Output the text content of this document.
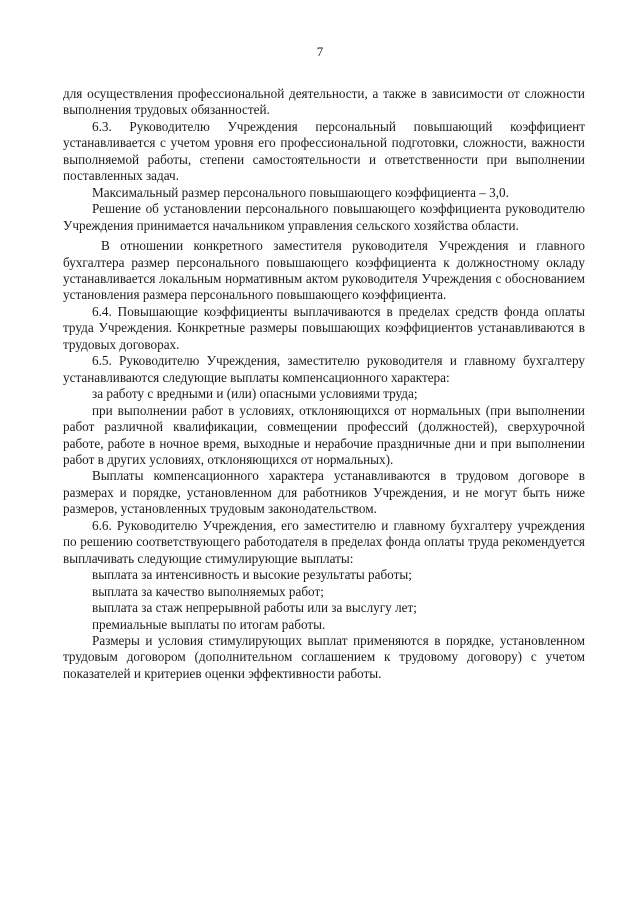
7

для осуществления профессиональной деятельности, а также в зависимости от сложности выполнения трудовых обязанностей.

6.3. Руководителю Учреждения персональный повышающий коэффициент устанавливается с учетом уровня его профессиональной подготовки, сложности, важности выполняемой работы, степени самостоятельности и ответственности при выполнении поставленных задач.

Максимальный размер персонального повышающего коэффициента – 3,0.

Решение об установлении персонального повышающего коэффициента руководителю Учреждения принимается начальником управления сельского хозяйства области.

В отношении конкретного заместителя руководителя Учреждения и главного бухгалтера размер персонального повышающего коэффициента к должностному окладу устанавливается локальным нормативным актом руководителя Учреждения с обоснованием установления размера персонального повышающего коэффициента.

6.4. Повышающие коэффициенты выплачиваются в пределах средств фонда оплаты труда Учреждения. Конкретные размеры повышающих коэффициентов устанавливаются в трудовых договорах.

6.5. Руководителю Учреждения, заместителю руководителя и главному бухгалтеру устанавливаются следующие выплаты компенсационного характера:

за работу с вредными и (или) опасными условиями труда;

при выполнении работ в условиях, отклоняющихся от нормальных (при выполнении работ различной квалификации, совмещении профессий (должностей), сверхурочной работе, работе в ночное время, выходные и нерабочие праздничные дни и при выполнении работ в других условиях, отклоняющихся от нормальных).

Выплаты компенсационного характера устанавливаются в трудовом договоре в размерах и порядке, установленном для работников Учреждения, и не могут быть ниже размеров, установленных трудовым законодательством.

6.6. Руководителю Учреждения, его заместителю и главному бухгалтеру учреждения по решению соответствующего работодателя в пределах фонда оплаты труда рекомендуется выплачивать следующие стимулирующие выплаты:

выплата за интенсивность и высокие результаты работы;

выплата за качество выполняемых работ;

выплата за стаж непрерывной работы или за выслугу лет;

премиальные выплаты по итогам работы.

Размеры и условия стимулирующих выплат применяются в порядке, установленном трудовым договором (дополнительном соглашением к трудовому договору) с учетом показателей и критериев оценки эффективности работы.
